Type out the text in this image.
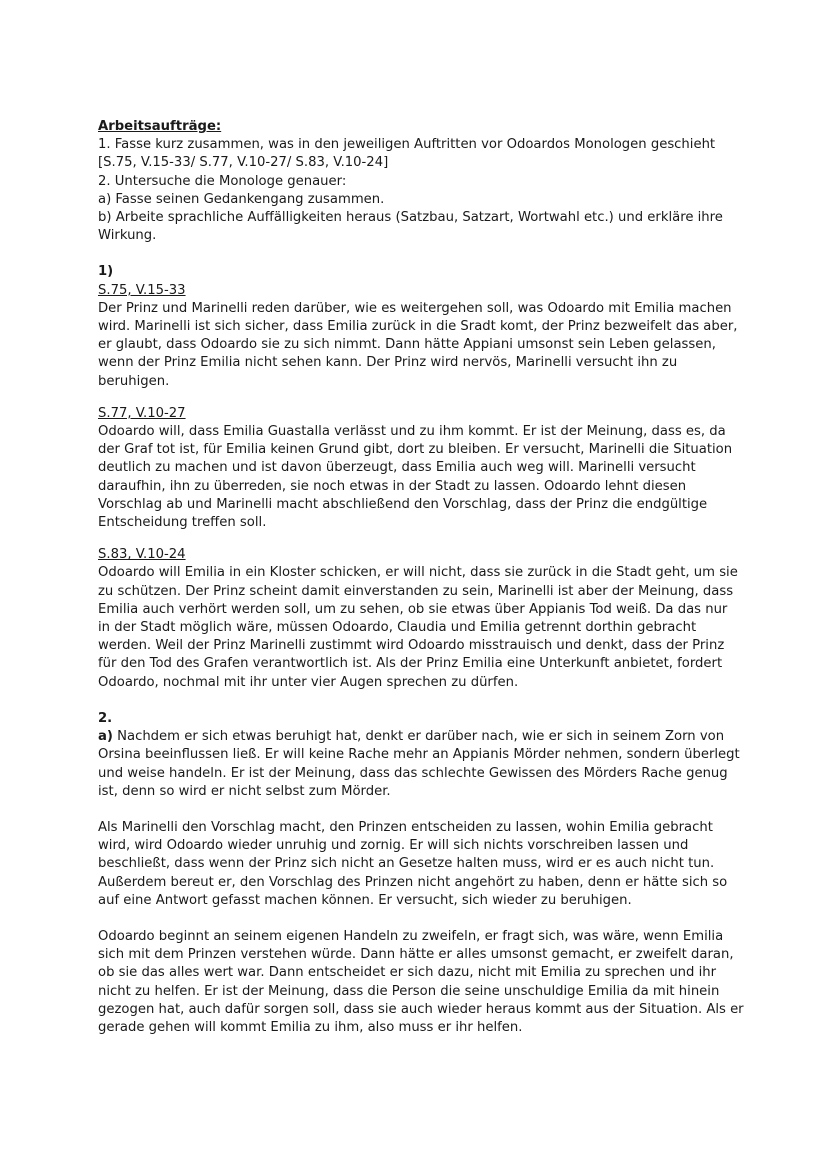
Arbeitsaufträge:
1. Fasse kurz zusammen, was in den jeweiligen Auftritten vor Odoardos Monologen geschieht
[S.75, V.15-33/ S.77, V.10-27/ S.83, V.10-24]
2. Untersuche die Monologe genauer:
a) Fasse seinen Gedankengang zusammen.
b) Arbeite sprachliche Auffälligkeiten heraus (Satzbau, Satzart, Wortwahl etc.) und erkläre ihre
Wirkung.
1)
S.75, V.15-33
Der Prinz und Marinelli reden darüber, wie es weitergehen soll, was Odoardo mit Emilia machen
wird. Marinelli ist sich sicher, dass Emilia zurück in die Sradt komt, der Prinz bezweifelt das aber,
er glaubt, dass Odoardo sie zu sich nimmt. Dann hätte Appiani umsonst sein Leben gelassen,
wenn der Prinz Emilia nicht sehen kann. Der Prinz wird nervös, Marinelli versucht ihn zu
beruhigen.
S.77, V.10-27
Odoardo will, dass Emilia Guastalla verlässt und zu ihm kommt. Er ist der Meinung, dass es, da
der Graf tot ist, für Emilia keinen Grund gibt, dort zu bleiben. Er versucht, Marinelli die Situation
deutlich zu machen und ist davon überzeugt, dass Emilia auch weg will. Marinelli versucht
daraufhin, ihn zu überreden, sie noch etwas in der Stadt zu lassen. Odoardo lehnt diesen
Vorschlag ab und Marinelli macht abschließend den Vorschlag, dass der Prinz die endgültige
Entscheidung treffen soll.
S.83, V.10-24
Odoardo will Emilia in ein Kloster schicken, er will nicht, dass sie zurück in die Stadt geht, um sie
zu schützen. Der Prinz scheint damit einverstanden zu sein, Marinelli ist aber der Meinung, dass
Emilia auch verhört werden soll, um zu sehen, ob sie etwas über Appianis Tod weiß. Da das nur
in der Stadt möglich wäre, müssen Odoardo, Claudia und Emilia getrennt dorthin gebracht
werden. Weil der Prinz Marinelli zustimmt wird Odoardo misstrauisch und denkt, dass der Prinz
für den Tod des Grafen verantwortlich ist. Als der Prinz Emilia eine Unterkunft anbietet, fordert
Odoardo, nochmal mit ihr unter vier Augen sprechen zu dürfen.
2.
a) Nachdem er sich etwas beruhigt hat, denkt er darüber nach, wie er sich in seinem Zorn von
Orsina beeinflussen ließ. Er will keine Rache mehr an Appianis Mörder nehmen, sondern überlegt
und weise handeln. Er ist der Meinung, dass das schlechte Gewissen des Mörders Rache genug
ist, denn so wird er nicht selbst zum Mörder.
Als Marinelli den Vorschlag macht, den Prinzen entscheiden zu lassen, wohin Emilia gebracht
wird, wird Odoardo wieder unruhig und zornig. Er will sich nichts vorschreiben lassen und
beschließt, dass wenn der Prinz sich nicht an Gesetze halten muss, wird er es auch nicht tun.
Außerdem bereut er, den Vorschlag des Prinzen nicht angehört zu haben, denn er hätte sich so
auf eine Antwort gefasst machen können. Er versucht, sich wieder zu beruhigen.
Odoardo beginnt an seinem eigenen Handeln zu zweifeln, er fragt sich, was wäre, wenn Emilia
sich mit dem Prinzen verstehen würde. Dann hätte er alles umsonst gemacht, er zweifelt daran,
ob sie das alles wert war. Dann entscheidet er sich dazu, nicht mit Emilia zu sprechen und ihr
nicht zu helfen. Er ist der Meinung, dass die Person die seine unschuldige Emilia da mit hinein
gezogen hat, auch dafür sorgen soll, dass sie auch wieder heraus kommt aus der Situation. Als er
gerade gehen will kommt Emilia zu ihm, also muss er ihr helfen.
